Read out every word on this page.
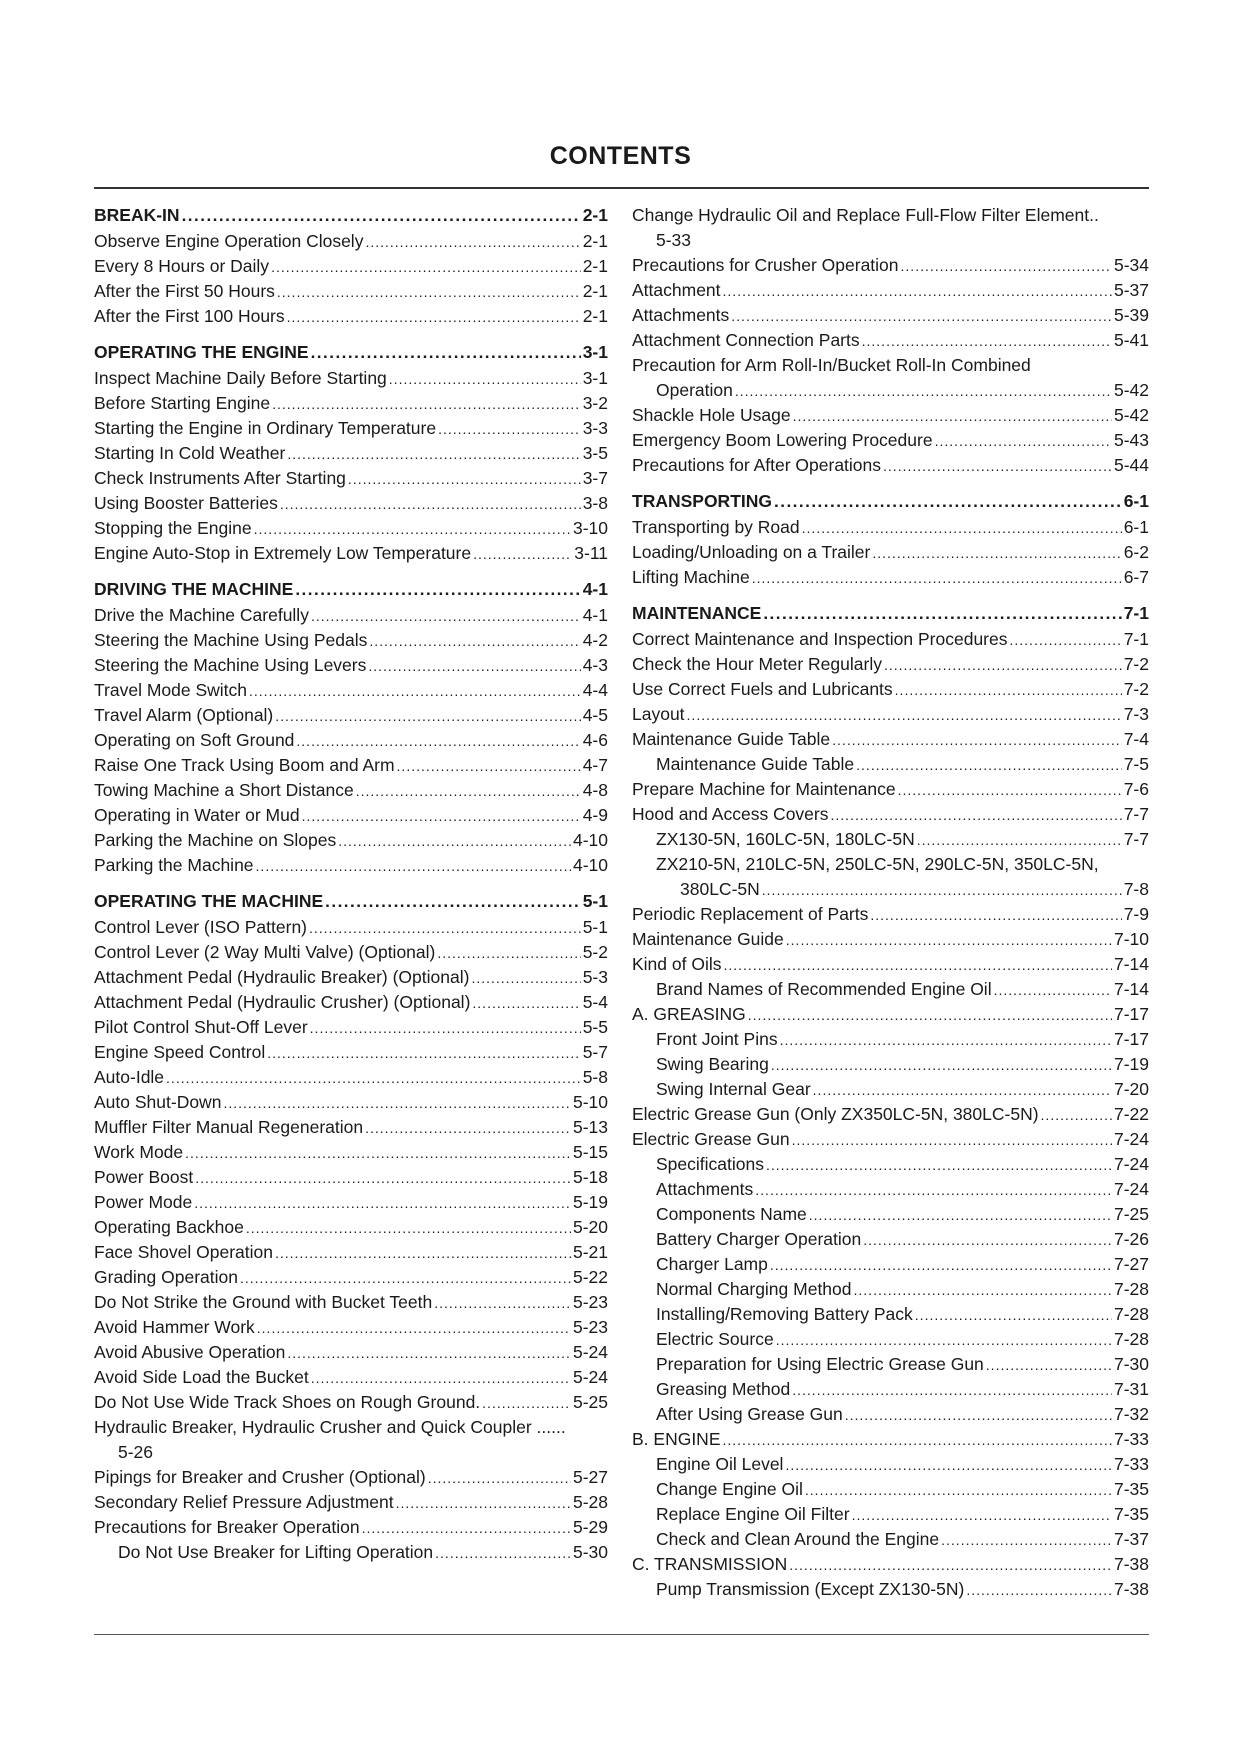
CONTENTS
BREAK-IN .....	2-1
Observe Engine Operation Closely .....	2-1
Every 8 Hours or Daily .....	2-1
After the First 50 Hours .....	2-1
After the First 100 Hours .....	2-1
OPERATING THE ENGINE .....	3-1
Inspect Machine Daily Before Starting .....	3-1
Before Starting Engine .....	3-2
Starting the Engine in Ordinary Temperature .....	3-3
Starting In Cold Weather .....	3-5
Check Instruments After Starting .....	3-7
Using Booster Batteries .....	3-8
Stopping the Engine .....	3-10
Engine Auto-Stop in Extremely Low Temperature .....	3-11
DRIVING THE MACHINE .....	4-1
Drive the Machine Carefully .....	4-1
Steering the Machine Using Pedals .....	4-2
Steering the Machine Using Levers .....	4-3
Travel Mode Switch .....	4-4
Travel Alarm (Optional) .....	4-5
Operating on Soft Ground .....	4-6
Raise One Track Using Boom and Arm .....	4-7
Towing Machine a Short Distance .....	4-8
Operating in Water or Mud .....	4-9
Parking the Machine on Slopes .....	4-10
Parking the Machine .....	4-10
OPERATING THE MACHINE .....	5-1
Control Lever (ISO Pattern) .....	5-1
Control Lever (2 Way Multi Valve) (Optional) .....	5-2
Attachment Pedal (Hydraulic Breaker) (Optional) .....	5-3
Attachment Pedal (Hydraulic Crusher) (Optional) .....	5-4
Pilot Control Shut-Off Lever .....	5-5
Engine Speed Control .....	5-7
Auto-Idle .....	5-8
Auto Shut-Down .....	5-10
Muffler Filter Manual Regeneration .....	5-13
Work Mode .....	5-15
Power Boost .....	5-18
Power Mode .....	5-19
Operating Backhoe .....	5-20
Face Shovel Operation .....	5-21
Grading Operation .....	5-22
Do Not Strike the Ground with Bucket Teeth .....	5-23
Avoid Hammer Work .....	5-23
Avoid Abusive Operation .....	5-24
Avoid Side Load the Bucket .....	5-24
Do Not Use Wide Track Shoes on Rough Ground. .....	5-25
Hydraulic Breaker, Hydraulic Crusher and Quick Coupler ......
5-26
Pipings for Breaker and Crusher (Optional) .....	5-27
Secondary Relief Pressure Adjustment .....	5-28
Precautions for Breaker Operation .....	5-29
Do Not Use Breaker for Lifting Operation .....	5-30
Change Hydraulic Oil and Replace Full-Flow Filter Element..
5-33
Precautions for Crusher Operation .....	5-34
Attachment .....	5-37
Attachments .....	5-39
Attachment Connection Parts .....	5-41
Precaution for Arm Roll-In/Bucket Roll-In Combined
Operation .....	5-42
Shackle Hole Usage .....	5-42
Emergency Boom Lowering Procedure .....	5-43
Precautions for After Operations .....	5-44
TRANSPORTING .....	6-1
Transporting by Road .....	6-1
Loading/Unloading on a Trailer .....	6-2
Lifting Machine .....	6-7
MAINTENANCE .....	7-1
Correct Maintenance and Inspection Procedures .....	7-1
Check the Hour Meter Regularly .....	7-2
Use Correct Fuels and Lubricants .....	7-2
Layout .....	7-3
Maintenance Guide Table .....	7-4
Maintenance Guide Table .....	7-5
Prepare Machine for Maintenance .....	7-6
Hood and Access Covers .....	7-7
ZX130-5N, 160LC-5N, 180LC-5N .....	7-7
ZX210-5N, 210LC-5N, 250LC-5N, 290LC-5N, 350LC-5N,
380LC-5N .....	7-8
Periodic Replacement of Parts .....	7-9
Maintenance Guide .....	7-10
Kind of Oils .....	7-14
Brand Names of Recommended Engine Oil .....	7-14
A. GREASING .....	7-17
Front Joint Pins .....	7-17
Swing Bearing .....	7-19
Swing Internal Gear .....	7-20
Electric Grease Gun (Only ZX350LC-5N, 380LC-5N) .....	7-22
Electric Grease Gun .....	7-24
Specifications .....	7-24
Attachments .....	7-24
Components Name .....	7-25
Battery Charger Operation .....	7-26
Charger Lamp .....	7-27
Normal Charging Method .....	7-28
Installing/Removing Battery Pack .....	7-28
Electric Source .....	7-28
Preparation for Using Electric Grease Gun .....	7-30
Greasing Method .....	7-31
After Using Grease Gun .....	7-32
B. ENGINE .....	7-33
Engine Oil Level .....	7-33
Change Engine Oil .....	7-35
Replace Engine Oil Filter .....	7-35
Check and Clean Around the Engine .....	7-37
C. TRANSMISSION .....	7-38
Pump Transmission (Except ZX130-5N) .....	7-38
